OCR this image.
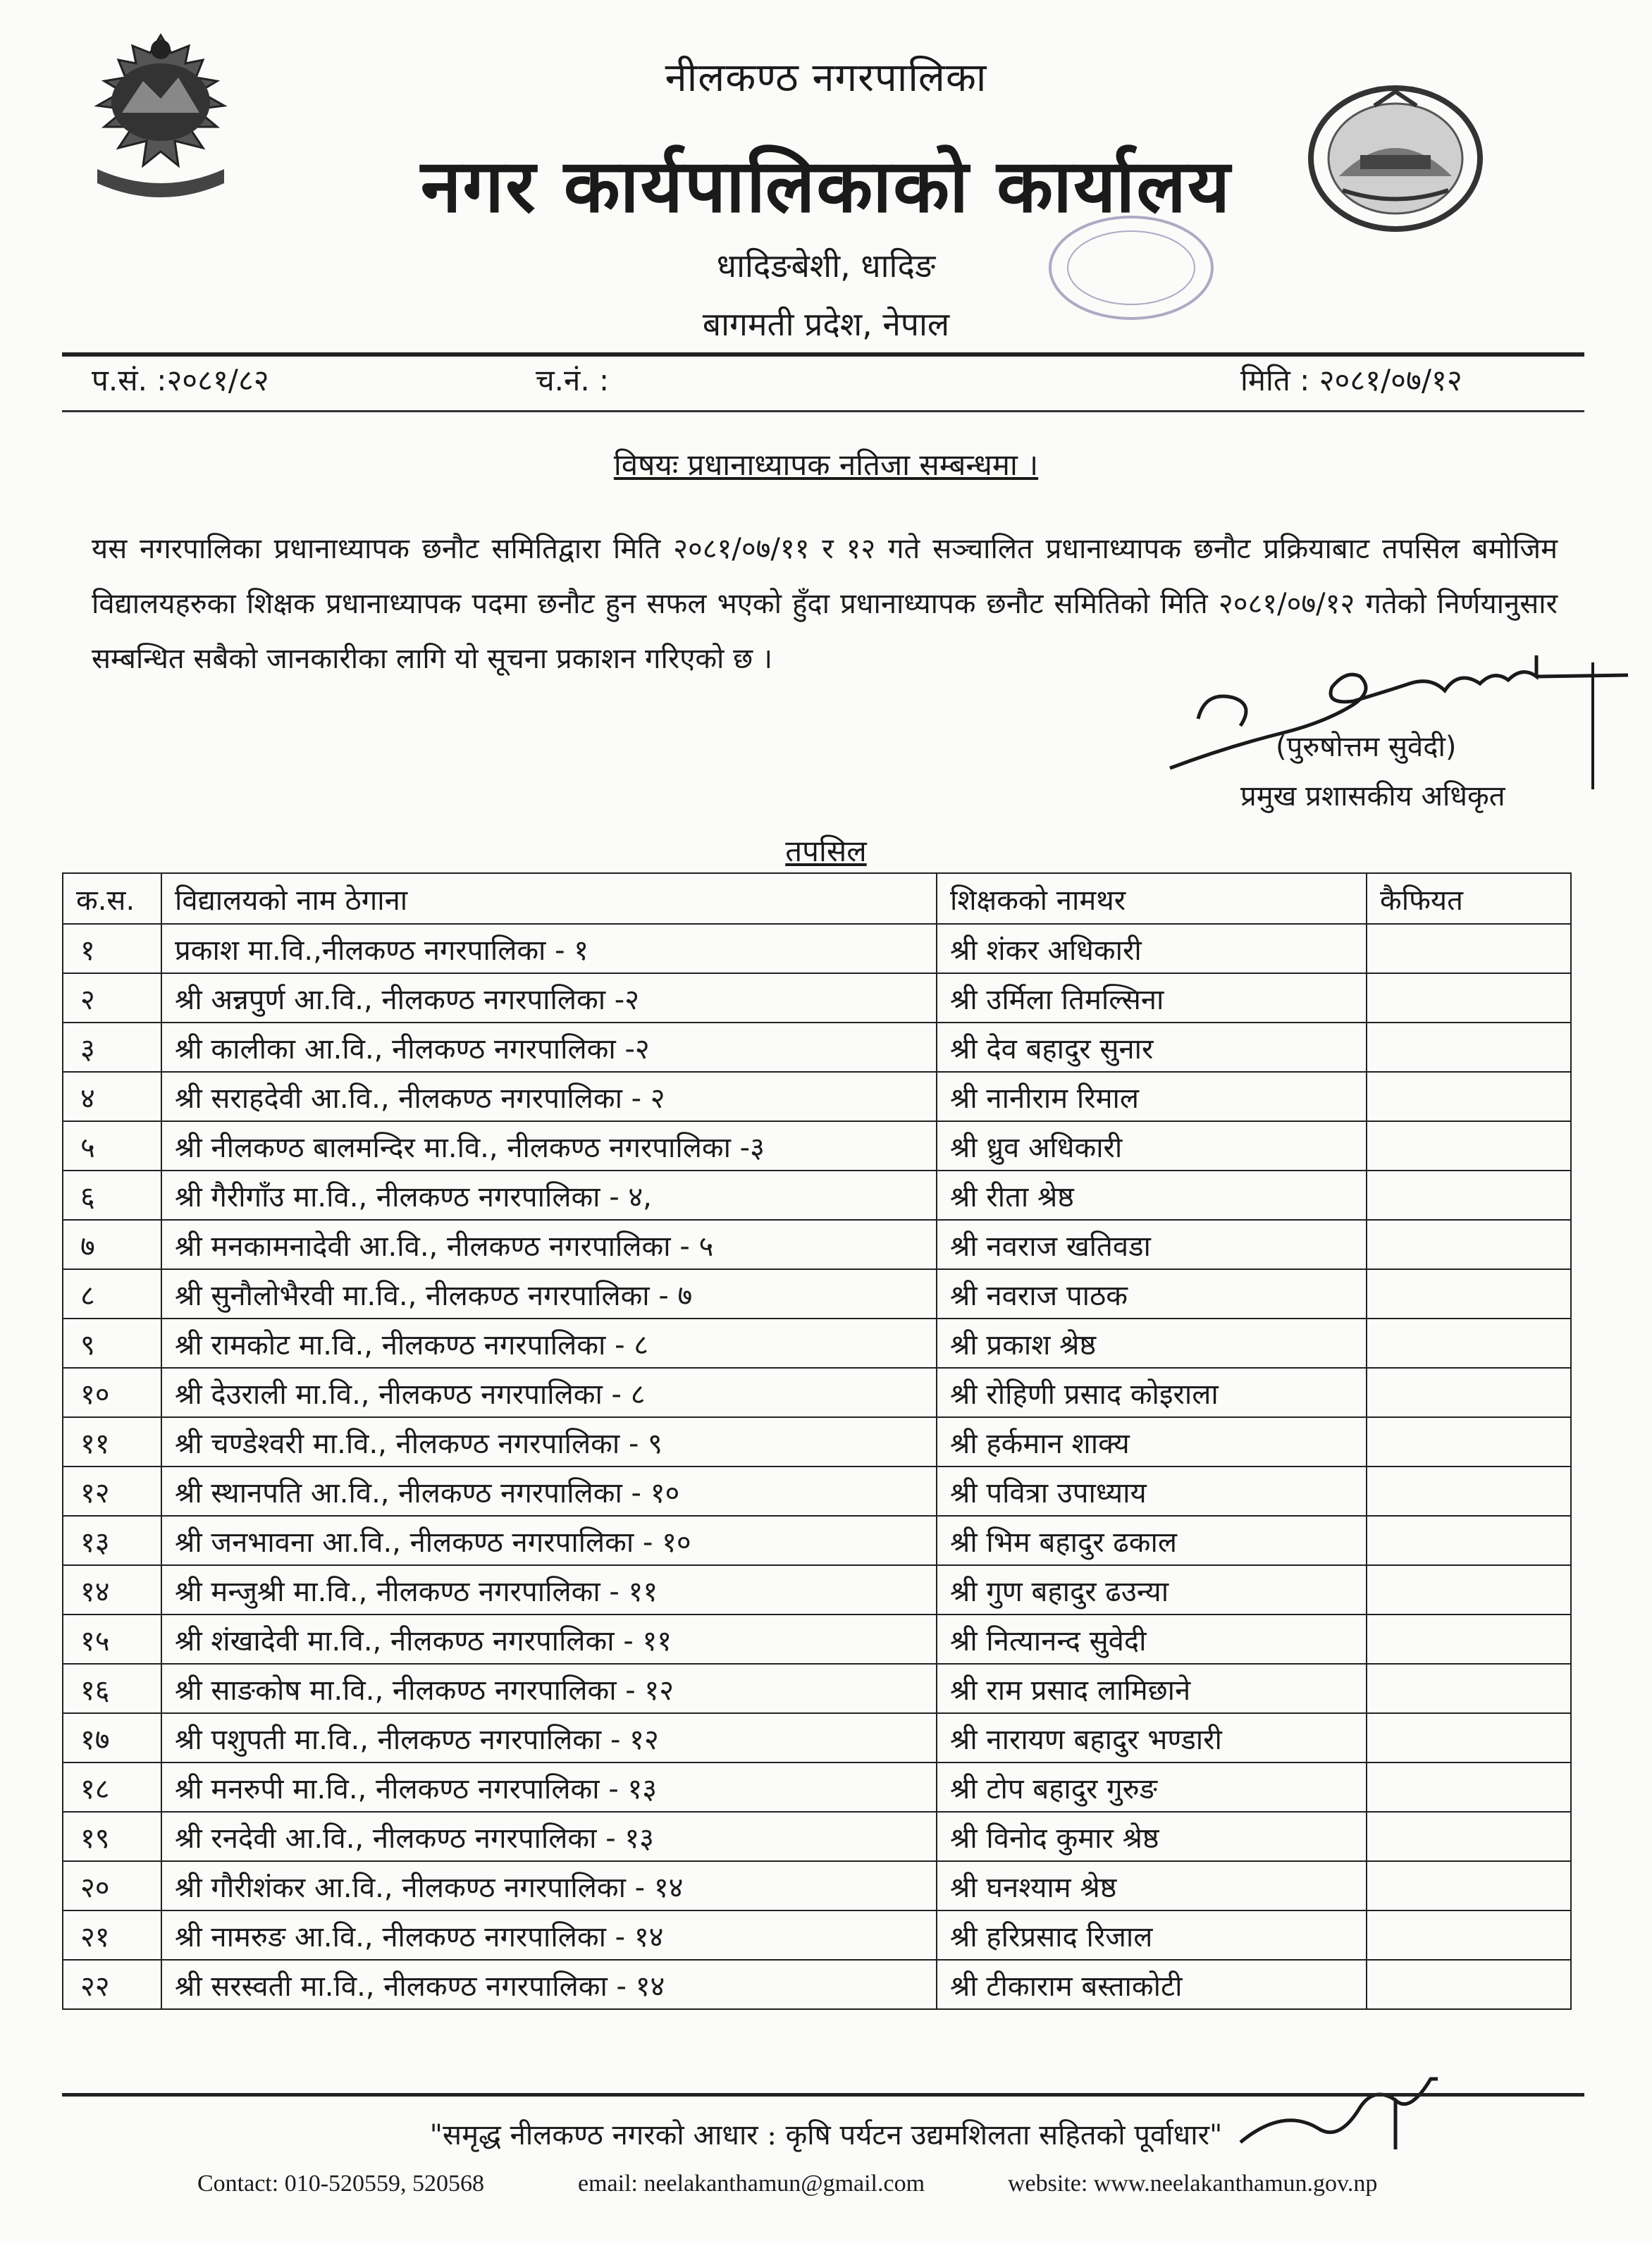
नीलकण्ठ नगरपालिका
नगर कार्यपालिकाको कार्यालय
धादिङबेशी, धादिङ
बागमती प्रदेश, नेपाल
प.सं. :२०८१/८२	च.नं. :	मिति : २०८१/०७/१२
विषयः प्रधानाध्यापक नतिजा सम्बन्धमा ।
यस नगरपालिका प्रधानाध्यापक छनौट समितिद्वारा मिति २०८१/०७/११ र १२ गते सञ्चालित प्रधानाध्यापक छनौट प्रक्रियाबाट तपसिल बमोजिम विद्यालयहरुका शिक्षक प्रधानाध्यापक पदमा छनौट हुन सफल भएको हुँदा प्रधानाध्यापक छनौट समितिको मिति २०८१/०७/१२ गतेको निर्णयानुसार सम्बन्धित सबैको जानकारीका लागि यो सूचना प्रकाशन गरिएको छ ।
(पुरुषोत्तम सुवेदी)
प्रमुख प्रशासकीय अधिकृत
तपसिल
क.स.	विद्यालयको नाम ठेगाना	शिक्षकको नामथर	कैफियत
१	प्रकाश मा.वि.,नीलकण्ठ नगरपालिका - १	श्री शंकर अधिकारी	
२	श्री अन्नपुर्ण आ.वि., नीलकण्ठ नगरपालिका -२	श्री उर्मिला तिमल्सिना	
३	श्री कालीका आ.वि., नीलकण्ठ नगरपालिका -२	श्री देव बहादुर सुनार	
४	श्री सराहदेवी आ.वि., नीलकण्ठ नगरपालिका - २	श्री नानीराम रिमाल	
५	श्री नीलकण्ठ बालमन्दिर मा.वि., नीलकण्ठ नगरपालिका -३	श्री ध्रुव अधिकारी	
६	श्री गैरीगाँउ मा.वि., नीलकण्ठ नगरपालिका - ४,	श्री रीता श्रेष्ठ	
७	श्री मनकामनादेवी आ.वि., नीलकण्ठ नगरपालिका - ५	श्री नवराज खतिवडा	
८	श्री सुनौलोभैरवी मा.वि., नीलकण्ठ नगरपालिका - ७	श्री नवराज पाठक	
९	श्री रामकोट मा.वि., नीलकण्ठ नगरपालिका - ८	श्री प्रकाश श्रेष्ठ	
१०	श्री देउराली मा.वि., नीलकण्ठ नगरपालिका - ८	श्री रोहिणी प्रसाद कोइराला	
११	श्री चण्डेश्वरी मा.वि., नीलकण्ठ नगरपालिका - ९	श्री हर्कमान शाक्य	
१२	श्री स्थानपति आ.वि., नीलकण्ठ नगरपालिका - १०	श्री पवित्रा उपाध्याय	
१३	श्री जनभावना आ.वि., नीलकण्ठ नगरपालिका - १०	श्री भिम बहादुर ढकाल	
१४	श्री मन्जुश्री मा.वि., नीलकण्ठ नगरपालिका - ११	श्री गुण बहादुर ढउन्या	
१५	श्री शंखादेवी मा.वि., नीलकण्ठ नगरपालिका - ११	श्री नित्यानन्द सुवेदी	
१६	श्री साङकोष मा.वि., नीलकण्ठ नगरपालिका - १२	श्री राम प्रसाद लामिछाने	
१७	श्री पशुपती मा.वि., नीलकण्ठ नगरपालिका - १२	श्री नारायण बहादुर भण्डारी	
१८	श्री मनरुपी मा.वि., नीलकण्ठ नगरपालिका - १३	श्री टोप बहादुर गुरुङ	
१९	श्री रनदेवी आ.वि., नीलकण्ठ नगरपालिका - १३	श्री विनोद कुमार श्रेष्ठ	
२०	श्री गौरीशंकर आ.वि., नीलकण्ठ नगरपालिका - १४	श्री घनश्याम श्रेष्ठ	
२१	श्री नामरुङ आ.वि., नीलकण्ठ नगरपालिका - १४	श्री हरिप्रसाद रिजाल	
२२	श्री सरस्वती मा.वि., नीलकण्ठ नगरपालिका - १४	श्री टीकाराम बस्ताकोटी	
"समृद्ध नीलकण्ठ नगरको आधार : कृषि पर्यटन उद्यमशिलता सहितको पूर्वाधार"
Contact: 010-520559, 520568	email: neelakanthamun@gmail.com	website: www.neelakanthamun.gov.np
